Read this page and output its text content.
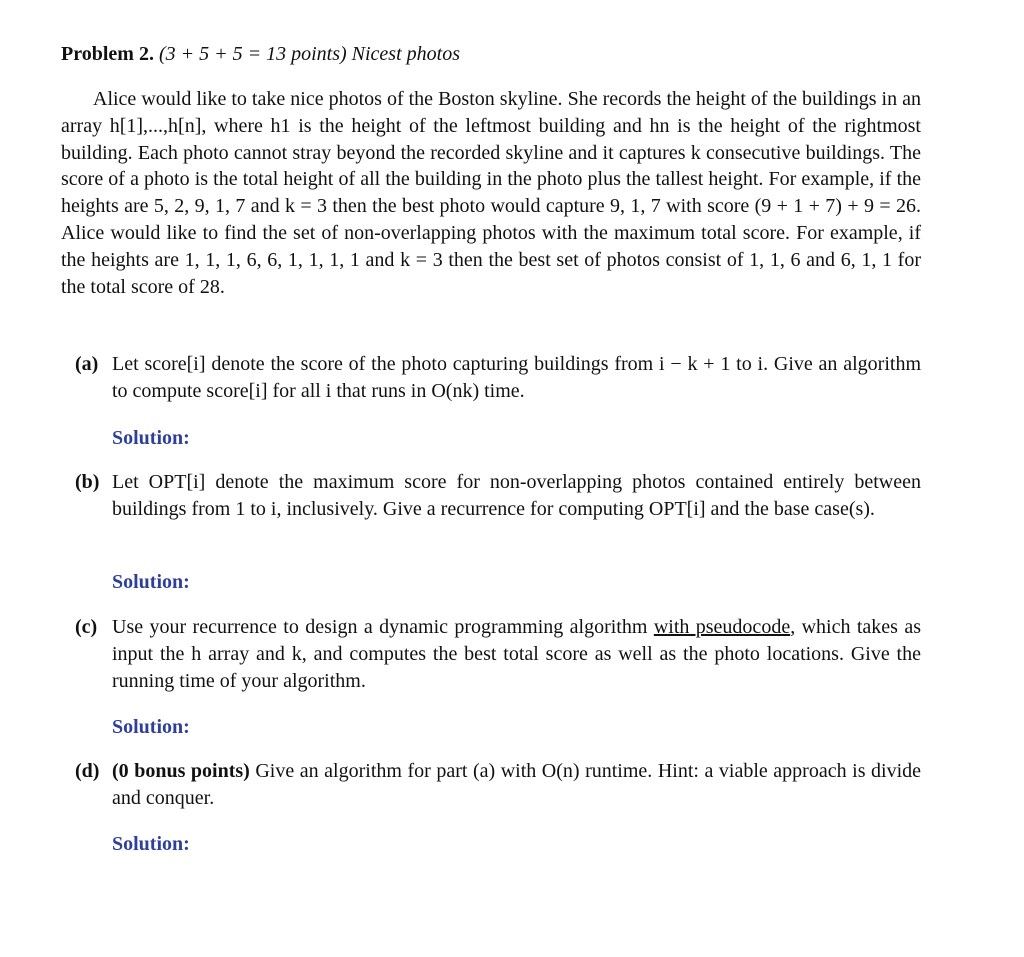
Problem 2. (3 + 5 + 5 = 13 points) Nicest photos

Alice would like to take nice photos of the Boston skyline. She records the height of the buildings in an array h[1],...,h[n], where h1 is the height of the leftmost building and hn is the height of the rightmost building. Each photo cannot stray beyond the recorded skyline and it captures k consecutive buildings. The score of a photo is the total height of all the building in the photo plus the tallest height. For example, if the heights are 5, 2, 9, 1, 7 and k = 3 then the best photo would capture 9, 1, 7 with score (9 + 1 + 7) + 9 = 26. Alice would like to find the set of non-overlapping photos with the maximum total score. For example, if the heights are 1, 1, 1, 6, 6, 1, 1, 1, 1 and k = 3 then the best set of photos consist of 1, 1, 6 and 6, 1, 1 for the total score of 28.

(a) Let score[i] denote the score of the photo capturing buildings from i − k + 1 to i. Give an algorithm to compute score[i] for all i that runs in O(nk) time.
Solution:
(b) Let OPT[i] denote the maximum score for non-overlapping photos contained entirely between buildings from 1 to i, inclusively. Give a recurrence for computing OPT[i] and the base case(s).
Solution:
(c) Use your recurrence to design a dynamic programming algorithm with pseudocode, which takes as input the h array and k, and computes the best total score as well as the photo locations. Give the running time of your algorithm.
Solution:
(d) (0 bonus points) Give an algorithm for part (a) with O(n) runtime. Hint: a viable approach is divide and conquer.
Solution:
